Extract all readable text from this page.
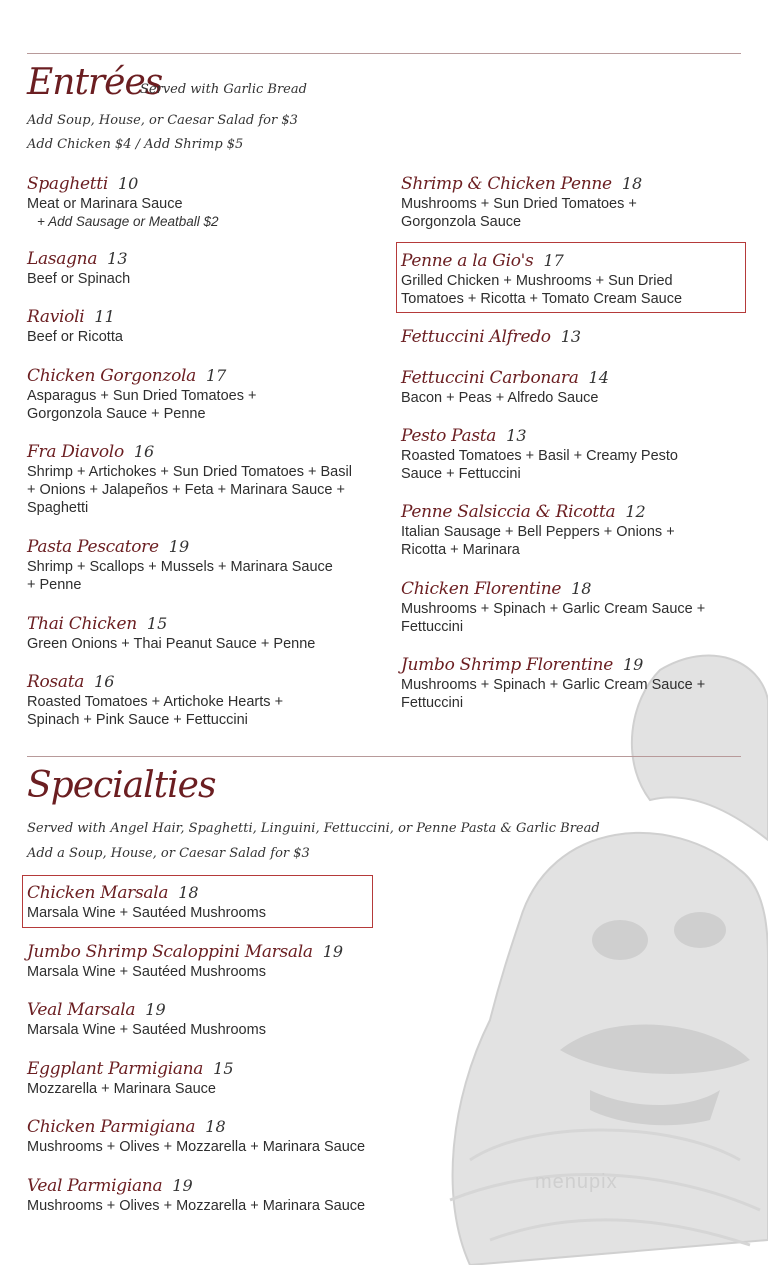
Entrées
Served with Garlic Bread
Add Soup, House, or Caesar Salad for $3
Add Chicken $4 / Add Shrimp $5
Spaghetti 10
Meat or Marinara Sauce
+ Add Sausage or Meatball $2
Lasagna 13
Beef or Spinach
Ravioli 11
Beef or Ricotta
Chicken Gorgonzola 17
Asparagus + Sun Dried Tomatoes + Gorgonzola Sauce + Penne
Fra Diavolo 16
Shrimp + Artichokes + Sun Dried Tomatoes + Basil + Onions + Jalapeños + Feta + Marinara Sauce + Spaghetti
Pasta Pescatore 19
Shrimp + Scallops + Mussels + Marinara Sauce + Penne
Thai Chicken 15
Green Onions + Thai Peanut Sauce + Penne
Rosata 16
Roasted Tomatoes + Artichoke Hearts + Spinach + Pink Sauce + Fettuccini
Shrimp & Chicken Penne 18
Mushrooms + Sun Dried Tomatoes + Gorgonzola Sauce
Penne a la Gio's 17
Grilled Chicken + Mushrooms + Sun Dried Tomatoes + Ricotta + Tomato Cream Sauce
Fettuccini Alfredo 13
Fettuccini Carbonara 14
Bacon + Peas + Alfredo Sauce
Pesto Pasta 13
Roasted Tomatoes + Basil + Creamy Pesto Sauce + Fettuccini
Penne Salsiccia & Ricotta 12
Italian Sausage + Bell Peppers + Onions + Ricotta + Marinara
Chicken Florentine 18
Mushrooms + Spinach + Garlic Cream Sauce + Fettuccini
Jumbo Shrimp Florentine 19
Mushrooms + Spinach + Garlic Cream Sauce + Fettuccini
Specialties
Served with Angel Hair, Spaghetti, Linguini, Fettuccini, or Penne Pasta & Garlic Bread
Add a Soup, House, or Caesar Salad for $3
Chicken Marsala 18
Marsala Wine + Sautéed Mushrooms
Jumbo Shrimp Scaloppini Marsala 19
Marsala Wine + Sautéed Mushrooms
Veal Marsala 19
Marsala Wine + Sautéed Mushrooms
Eggplant Parmigiana 15
Mozzarella + Marinara Sauce
Chicken Parmigiana 18
Mushrooms + Olives + Mozzarella + Marinara Sauce
Veal Parmigiana 19
Mushrooms + Olives + Mozzarella + Marinara Sauce
menupix
